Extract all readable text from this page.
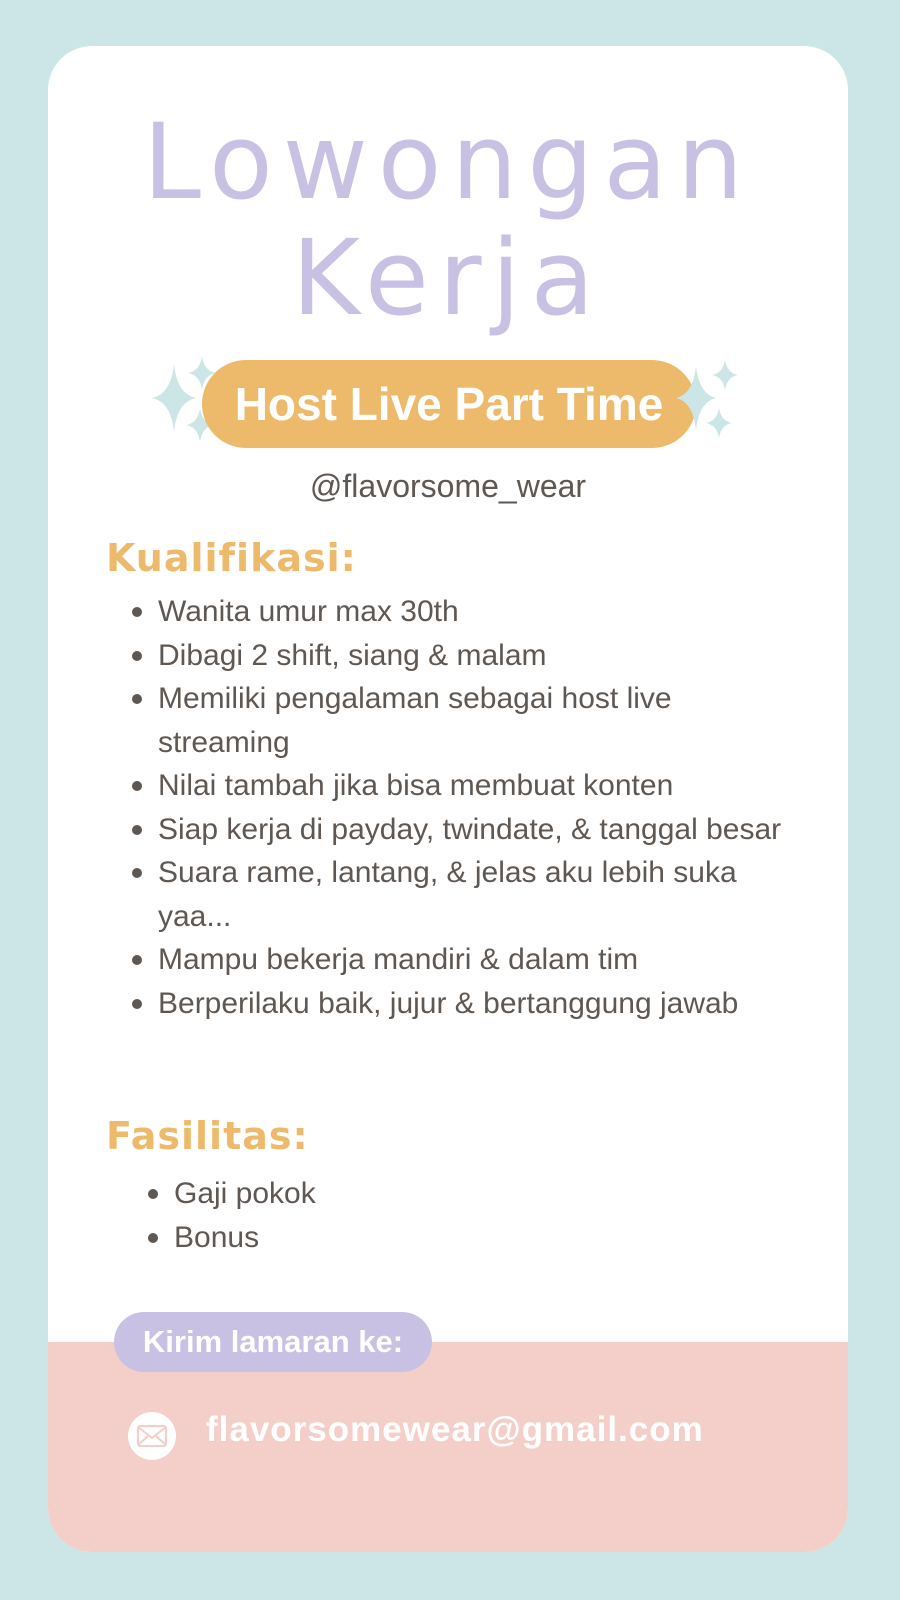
Lowongan
Kerja
Host Live Part Time
@flavorsome_wear
Kualifikasi:
Wanita umur max 30th
Dibagi 2 shift, siang & malam
Memiliki pengalaman sebagai host live streaming
Nilai tambah jika bisa membuat konten
Siap kerja di payday, twindate, & tanggal besar
Suara rame, lantang, & jelas aku lebih suka yaa...
Mampu bekerja mandiri & dalam tim
Berperilaku baik, jujur & bertanggung jawab
Fasilitas:
Gaji pokok
Bonus
Kirim lamaran ke:
flavorsomewear@gmail.com
